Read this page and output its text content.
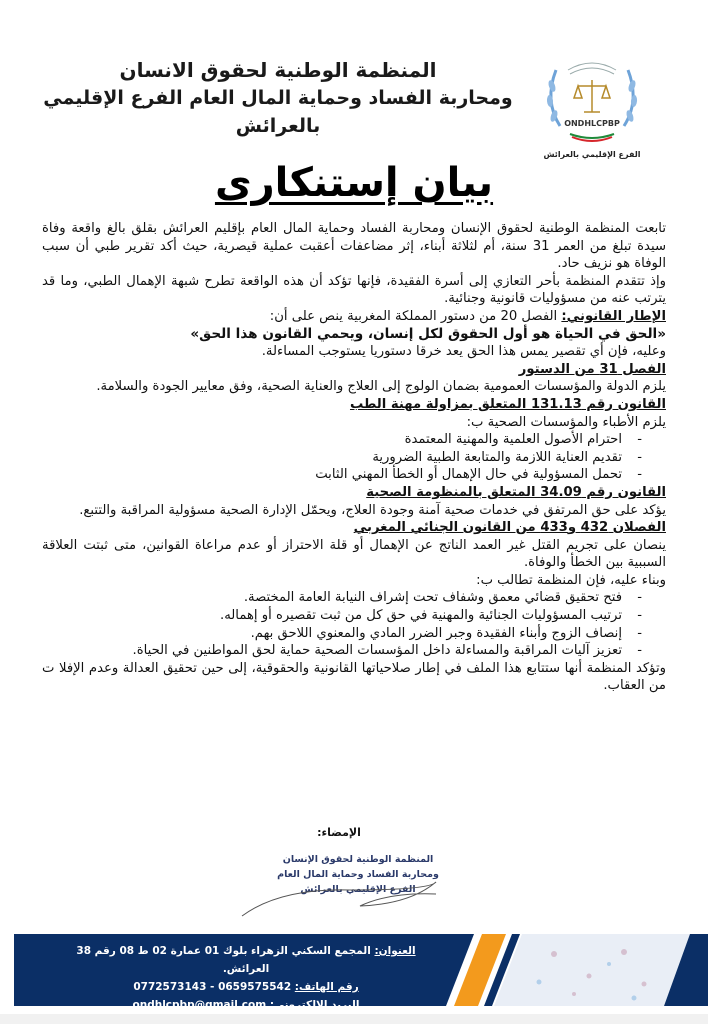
المنظمة الوطنية لحقوق الانسان
ومحاربة الفساد وحماية المال العام الفرع الإقليمي بالعرائش	ONDHLCPBP
الفرع الإقليمي بالعرائش
بيان إستنكارى

تابعت المنظمة الوطنية لحقوق الإنسان ومحاربة الفساد وحماية المال العام بإقليم العرائش بقلق بالغ واقعة وفاة سيدة تبلغ من العمر 31 سنة، أم لثلاثة أبناء، إثر مضاعفات أعقبت عملية قيصرية، حيث أكد تقرير طبي أن سبب الوفاة هو نزيف حاد.

وإذ تتقدم المنظمة بأحر التعازي إلى أسرة الفقيدة، فإنها تؤكد أن هذه الواقعة تطرح شبهة الإهمال الطبي، وما قد يترتب عنه من مسؤوليات قانونية وجنائية.

الإطار القانوني: الفصل 20 من دستور المملكة المغربية ينص على أن:

«الحق في الحياة هو أول الحقوق لكل إنسان، ويحمي القانون هذا الحق»

وعليه، فإن أي تقصير يمس هذا الحق يعد خرقا دستوريا يستوجب المساءلة.

الفصل 31 من الدستور

يلزم الدولة والمؤسسات العمومية بضمان الولوج إلى العلاج والعناية الصحية، وفق معايير الجودة والسلامة.

القانون رقم 131.13 المتعلق بمزاولة مهنة الطب

يلزم الأطباء والمؤسسات الصحية ب:

- احترام الأصول العلمية والمهنية المعتمدة
- تقديم العناية اللازمة والمتابعة الطبية الضرورية
- تحمل المسؤولية في حال الإهمال أو الخطأ المهني الثابت

القانون رقم 34.09 المتعلق بالمنظومة الصحية

يؤكد على حق المرتفق في خدمات صحية آمنة وجودة العلاج، ويحمّل الإدارة الصحية مسؤولية المراقبة والتتبع.

الفصلان 432 و433 من القانون الجنائي المغربي

ينصان على تجريم القتل غير العمد الناتج عن الإهمال أو قلة الاحتراز أو عدم مراعاة القوانين، متى ثبتت العلاقة السببية بين الخطأ والوفاة.

وبناء عليه، فإن المنظمة تطالب ب:

- فتح تحقيق قضائي معمق وشفاف تحت إشراف النيابة العامة المختصة.
- ترتيب المسؤوليات الجنائية والمهنية في حق كل من ثبت تقصيره أو إهماله.
- إنصاف الزوج وأبناء الفقيدة وجبر الضرر المادي والمعنوي اللاحق بهم.
- تعزيز آليات المراقبة والمساءلة داخل المؤسسات الصحية حماية لحق المواطنين في الحياة.

وتؤكد المنظمة أنها ستتابع هذا الملف في إطار صلاحياتها القانونية والحقوقية، إلى حين تحقيق العدالة وعدم الإفلا ت من العقاب.

الإمضاء:
المنظمة الوطنية لحقوق الإنسان
ومحاربة الفساد وحماية المال العام
الفرع الإقليمي بالعرائش
العنوان: المجمع السكني الزهراء بلوك 01 عمارة 02 ط 08 رقم 38 العرائش.
رقم الهاتف: 0659575542 - 0772573143
البريد الالكتروني: ondhlcpbp@gmail.com
